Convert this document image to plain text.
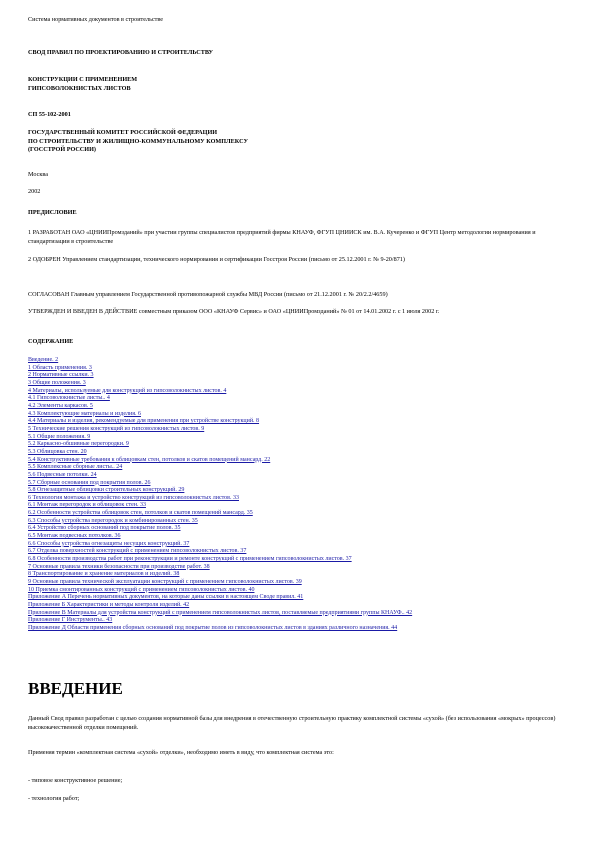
Система нормативных документов в строительстве

СВОД ПРАВИЛ ПО ПРОЕКТИРОВАНИЮ И СТРОИТЕЛЬСТВУ

КОНСТРУКЦИИ С ПРИМЕНЕНИЕМ

ГИПСОВОЛОКНИСТЫХ ЛИСТОВ

СП 55-102-2001

ГОСУДАРСТВЕННЫЙ КОМИТЕТ РОССИЙСКОЙ ФЕДЕРАЦИИ

ПО СТРОИТЕЛЬСТВУ И ЖИЛИЩНО-КОММУНАЛЬНОМУ КОМПЛЕКСУ

(ГОССТРОЙ РОССИИ)

Москва

2002

ПРЕДИСЛОВИЕ

1 РАЗРАБОТАН ОАО «ЦНИИПромзданий» при участии группы специалистов предприятий фирмы КНАУФ, ФГУП ЦНИИСК им. В.А. Кучеренко и ФГУП Центр методологии нормирования и стандартизации в строительстве

2 ОДОБРЕН Управлением стандартизации, технического нормирования и сертификации Госстроя России (письмо от 25.12.2001 г. № 9-20/871)

СОГЛАСОВАН Главным управлением Государственной противопожарной службы МВД России (письмо от 21.12.2001 г. № 20/2.2/4659)

УТВЕРЖДЕН И ВВЕДЕН В ДЕЙСТВИЕ совместным приказом ООО «КНАУФ Сервис» и ОАО «ЦНИИПромзданий» № 01 от 14.01.2002 г. с 1 июля 2002 г.

СОДЕРЖАНИЕ

Введение. 2
1 Область применения. 3
2 Нормативные ссылки. 3
3 Общие положения. 3
4 Материалы, используемые для конструкций из гипсоволокнистых листов. 4
4.1 Гипсоволокнистые листы.. 4
4.2 Элементы каркасов. 5
4.3 Комплектующие материалы и изделия. 6
4.4 Материалы и изделия, рекомендуемые для применения при устройстве конструкций. 8
5 Технические решения конструкций из гипсоволокнистых листов. 9
5.1 Общие положения. 9
5.2 Каркасно-обшивные перегородки. 9
5.3 Облицовка стен. 20
5.4 Конструктивные требования к облицовкам стен, потолков и скатов помещений мансард. 22
5.5 Комплексные сборные листы.. 24
5.6 Подвесные потолки. 24
5.7 Сборные основания под покрытия полов. 26
5.8 Огнезащитные облицовки строительных конструкций. 29
6 Технология монтажа и устройство конструкций из гипсоволокнистых листов. 33
6.1 Монтаж перегородок и облицовок стен. 33
6.2 Особенности устройства облицовок стен, потолков и скатов помещений мансард. 35
6.3 Способы устройства перегородок и комбинированных стен. 35
6.4 Устройство сборных оснований под покрытие полов. 35
6.5 Монтаж подвесных потолков. 36
6.6 Способы устройства огнезащиты несущих конструкций. 37
6.7 Отделка поверхностей конструкций с применением гипсоволокнистых листов. 37
6.8 Особенности производства работ при реконструкции и ремонте конструкций с применением гипсоволокнистых листов. 37
7 Основные правила техники безопасности при производстве работ. 38
8 Транспортирование и хранение материалов и изделий. 38
9 Основные правила технической эксплуатации конструкций с применением гипсоволокнистых листов. 39
10 Приемка смонтированных конструкций с применением гипсоволокнистых листов. 40
Приложение А Перечень нормативных документов, на которые даны ссылки в настоящем Своде правил. 41
Приложение Б Характеристики и методы контроля изделий. 42
Приложение В Материалы для устройства конструкций с применением гипсоволокнистых листов, поставляемые предприятиями группы КНАУФ.. 42
Приложение Г Инструменты.. 43
Приложение Д Области применения сборных оснований под покрытие полов из гипсоволокнистых листов в зданиях различного назначения. 44
ВВЕДЕНИЕ

Данный Свод правил разработан с целью создания нормативной базы для внедрения в отечественную строительную практику комплектной системы «сухой» (без использования «мокрых» процессов) высококачественной отделки помещений.

Применяя термин «комплектная система «сухой» отделки», необходимо иметь в виду, что комплектная система это:

- типовое конструктивное решение;

- технология работ;
